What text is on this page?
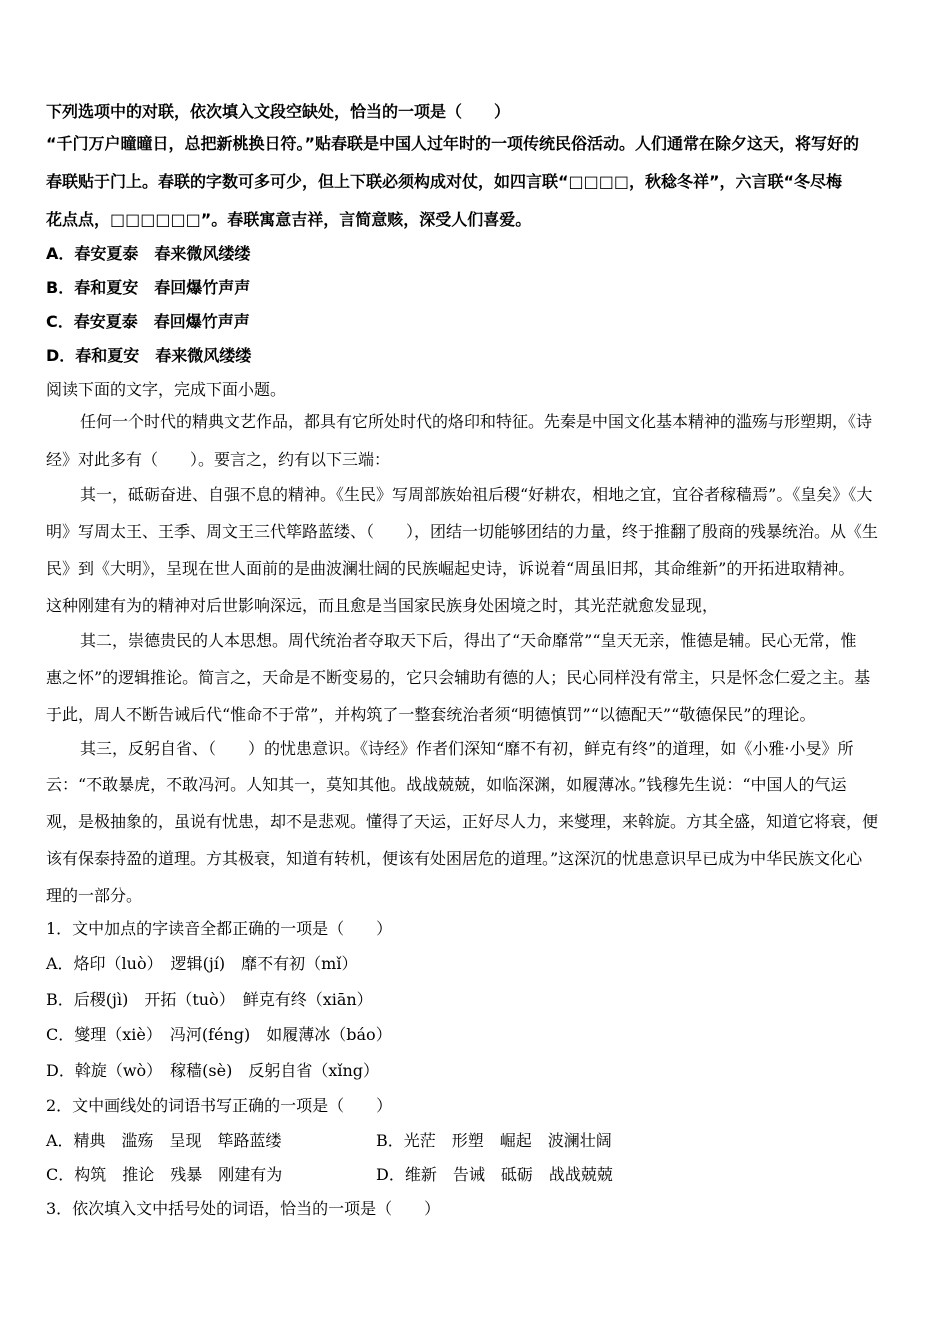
下列选项中的对联，依次填入文段空缺处，恰当的一项是（　　）
“千门万户曈曈日，总把新桃换日符。”贴春联是中国人过年时的一项传统民俗活动。人们通常在除夕这天，将写好的
春联贴于门上。春联的字数可多可少，但上下联必须构成对仗，如四言联“□□□□，秋稔冬祥”，六言联“冬尽梅
花点点，□□□□□□”。春联寓意吉祥，言简意赅，深受人们喜爱。
A．春安夏泰　春来微风缕缕
B．春和夏安　春回爆竹声声
C．春安夏泰　春回爆竹声声
D．春和夏安　春来微风缕缕
阅读下面的文字，完成下面小题。
任何一个时代的精典文艺作品，都具有它所处时代的烙印和特征。先秦是中国文化基本精神的滥殇与形塑期，《诗
经》对此多有（　　）。要言之，约有以下三端：
其一，砥砺奋进、自强不息的精神。《生民》写周部族始祖后稷“好耕农，相地之宜，宜谷者稼穑焉”。《皇矣》《大
明》写周太王、王季、周文王三代筚路蓝缕、（　　），团结一切能够团结的力量，终于推翻了殷商的残暴统治。从《生
民》到《大明》，呈现在世人面前的是曲波澜壮阔的民族崛起史诗，诉说着“周虽旧邦，其命维新”的开拓进取精神。
这种刚建有为的精神对后世影响深远，而且愈是当国家民族身处困境之时，其光茫就愈发显现，
其二，崇德贵民的人本思想。周代统治者夺取天下后，得出了“天命靡常”“皇天无亲，惟德是辅。民心无常，惟
惠之怀”的逻辑推论。简言之，天命是不断变易的，它只会辅助有德的人；民心同样没有常主，只是怀念仁爱之主。基
于此，周人不断告诫后代“惟命不于常”，并构筑了一整套统治者须“明德慎罚”“以德配天”“敬德保民”的理论。
其三，反躬自省、（　　）的忧患意识。《诗经》作者们深知“靡不有初，鲜克有终”的道理，如《小雅·小旻》所
云：“不敢暴虎，不敢冯河。人知其一，莫知其他。战战兢兢，如临深渊，如履薄冰。”钱穆先生说：“中国人的气运
观，是极抽象的，虽说有忧患，却不是悲观。懂得了天运，正好尽人力，来燮理，来斡旋。方其全盛，知道它将衰，便
该有保泰持盈的道理。方其极衰，知道有转机，便该有处困居危的道理。”这深沉的忧患意识早已成为中华民族文化心
理的一部分。
1．文中加点的字读音全都正确的一项是（　　）
A．烙印（luò）　逻辑(jí)　靡不有初（mǐ）
B．后稷(jì)　开拓（tuò）　鲜克有终（xiān）
C．燮理（xiè）　冯河(féng)　如履薄冰（báo）
D．斡旋（wò）　稼穑(sè)　反躬自省（xǐng）
2．文中画线处的词语书写正确的一项是（　　）
A．精典　滥殇　呈现　筚路蓝缕	B．光茫　形塑　崛起　波澜壮阔
C．构筑　推论　残暴　刚建有为	D．维新　告诫　砥砺　战战兢兢
3．依次填入文中括号处的词语，恰当的一项是（　　）
